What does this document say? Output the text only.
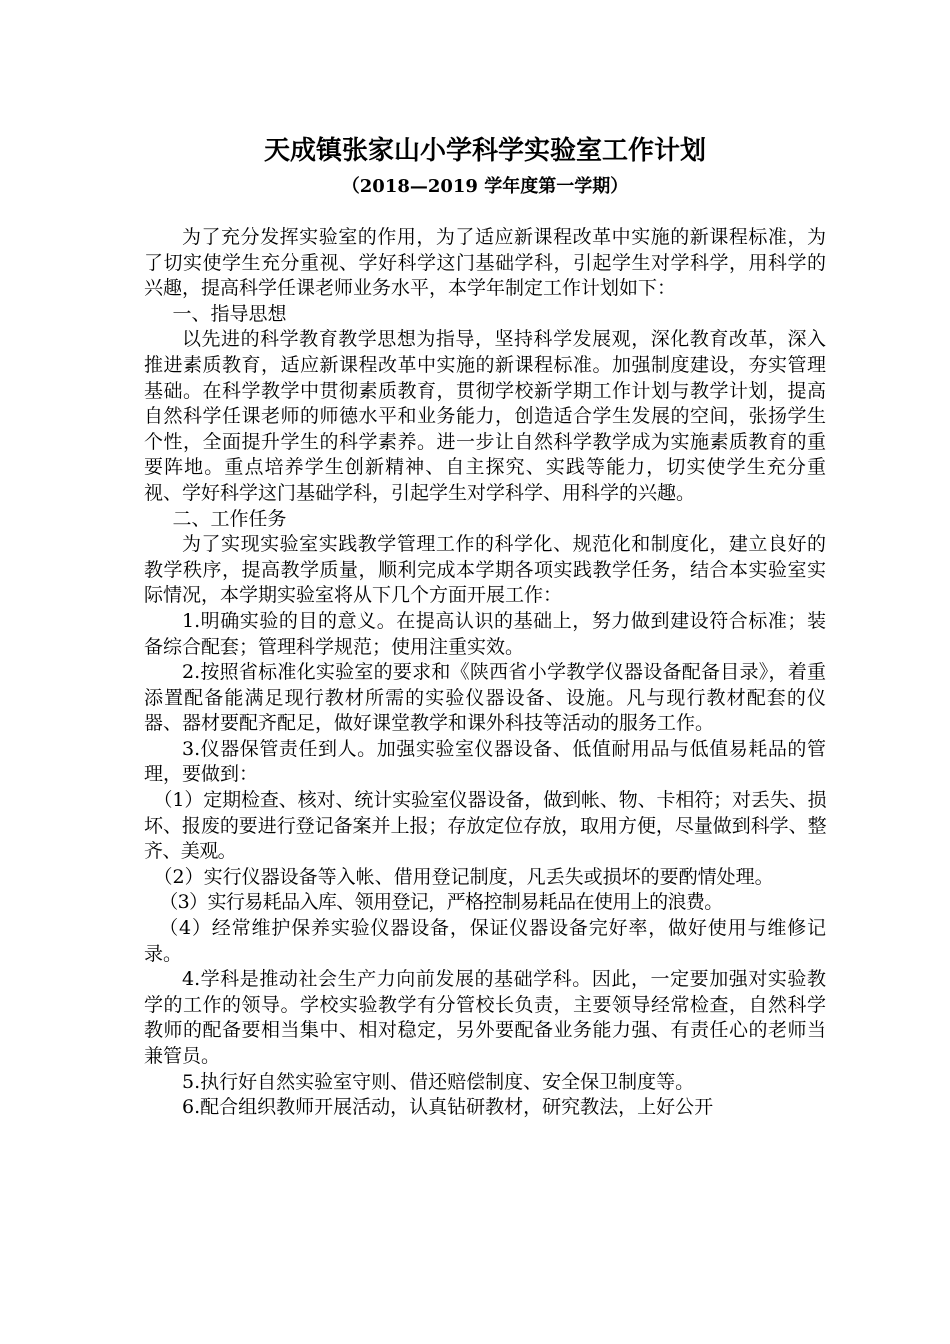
天成镇张家山小学科学实验室工作计划
（2018—2019 学年度第一学期）

为了充分发挥实验室的作用，为了适应新课程改革中实施的新课程标准，为了切实使学生充分重视、学好科学这门基础学科，引起学生对学科学，用科学的兴趣，提高科学任课老师业务水平，本学年制定工作计划如下：

一、指导思想

以先进的科学教育教学思想为指导，坚持科学发展观，深化教育改革，深入推进素质教育，适应新课程改革中实施的新课程标准。加强制度建设，夯实管理基础。在科学教学中贯彻素质教育，贯彻学校新学期工作计划与教学计划，提高自然科学任课老师的师德水平和业务能力，创造适合学生发展的空间，张扬学生个性，全面提升学生的科学素养。进一步让自然科学教学成为实施素质教育的重要阵地。重点培养学生创新精神、自主探究、实践等能力，切实使学生充分重视、学好科学这门基础学科，引起学生对学科学、用科学的兴趣。

二、工作任务

为了实现实验室实践教学管理工作的科学化、规范化和制度化，建立良好的教学秩序，提高教学质量，顺利完成本学期各项实践教学任务，结合本实验室实际情况，本学期实验室将从下几个方面开展工作：

1.明确实验的目的意义。在提高认识的基础上，努力做到建设符合标准；装备综合配套；管理科学规范；使用注重实效。

2.按照省标准化实验室的要求和《陕西省小学教学仪器设备配备目录》，着重添置配备能满足现行教材所需的实验仪器设备、设施。凡与现行教材配套的仪器、器材要配齐配足，做好课堂教学和课外科技等活动的服务工作。

3.仪器保管责任到人。加强实验室仪器设备、低值耐用品与低值易耗品的管理，要做到：

（1）定期检查、核对、统计实验室仪器设备，做到帐、物、卡相符；对丢失、损坏、报废的要进行登记备案并上报；存放定位存放，取用方便，尽量做到科学、整齐、美观。

（2）实行仪器设备等入帐、借用登记制度，凡丢失或损坏的要酌情处理。

（3）实行易耗品入库、领用登记，严格控制易耗品在使用上的浪费。

（4）经常维护保养实验仪器设备，保证仪器设备完好率，做好使用与维修记录。

4.学科是推动社会生产力向前发展的基础学科。因此，一定要加强对实验教学的工作的领导。学校实验教学有分管校长负责，主要领导经常检查，自然科学教师的配备要相当集中、相对稳定，另外要配备业务能力强、有责任心的老师当兼管员。

5.执行好自然实验室守则、借还赔偿制度、安全保卫制度等。

6.配合组织教师开展活动，认真钻研教材，研究教法，上好公开
